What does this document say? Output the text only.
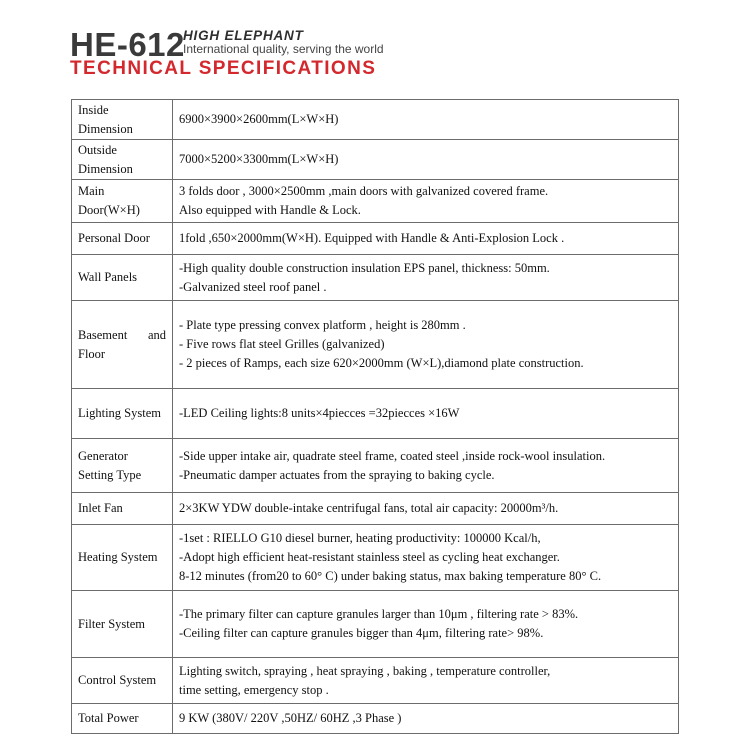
HE-612
HIGH ELEPHANT
International quality, serving the world
TECHNICAL SPECIFICATIONS
Inside
Dimension	6900×3900×2600mm(L×W×H)

Outside
Dimension	7000×5200×3300mm(L×W×H)

Main
Door(W×H)	3 folds door , 3000×2500mm ,main doors with galvanized covered frame.
Also equipped with Handle & Lock.

Personal Door	1fold ,650×2000mm(W×H). Equipped with Handle & Anti-Explosion Lock .

Wall Panels	-High quality double construction insulation EPS panel, thickness: 50mm.
-Galvanized steel roof panel .

Basement and
Floor	- Plate type pressing convex platform , height is 280mm .
- Five rows flat steel Grilles (galvanized)
- 2 pieces of Ramps, each size 620×2000mm (W×L),diamond plate construction.

Lighting System	-LED Ceiling lights:8 units×4piecces =32piecces ×16W

Generator
Setting Type	-Side upper intake air, quadrate steel frame, coated steel ,inside rock-wool insulation.
-Pneumatic damper actuates from the spraying to baking cycle.

Inlet Fan	2×3KW YDW double-intake centrifugal fans, total air capacity: 20000m³/h.

Heating System	-1set : RIELLO G10 diesel burner, heating productivity: 100000 Kcal/h,
-Adopt high efficient heat-resistant stainless steel as cycling heat exchanger.
8-12 minutes (from20 to 60° C) under baking status, max baking temperature 80° C.

Filter System	-The primary filter can capture granules larger than 10μm , filtering rate > 83%.
-Ceiling filter can capture granules bigger than 4μm, filtering rate> 98%.

Control System	Lighting switch, spraying , heat spraying , baking , temperature controller,
time setting, emergency stop .

Total Power	9 KW (380V/ 220V ,50HZ/ 60HZ ,3 Phase )
